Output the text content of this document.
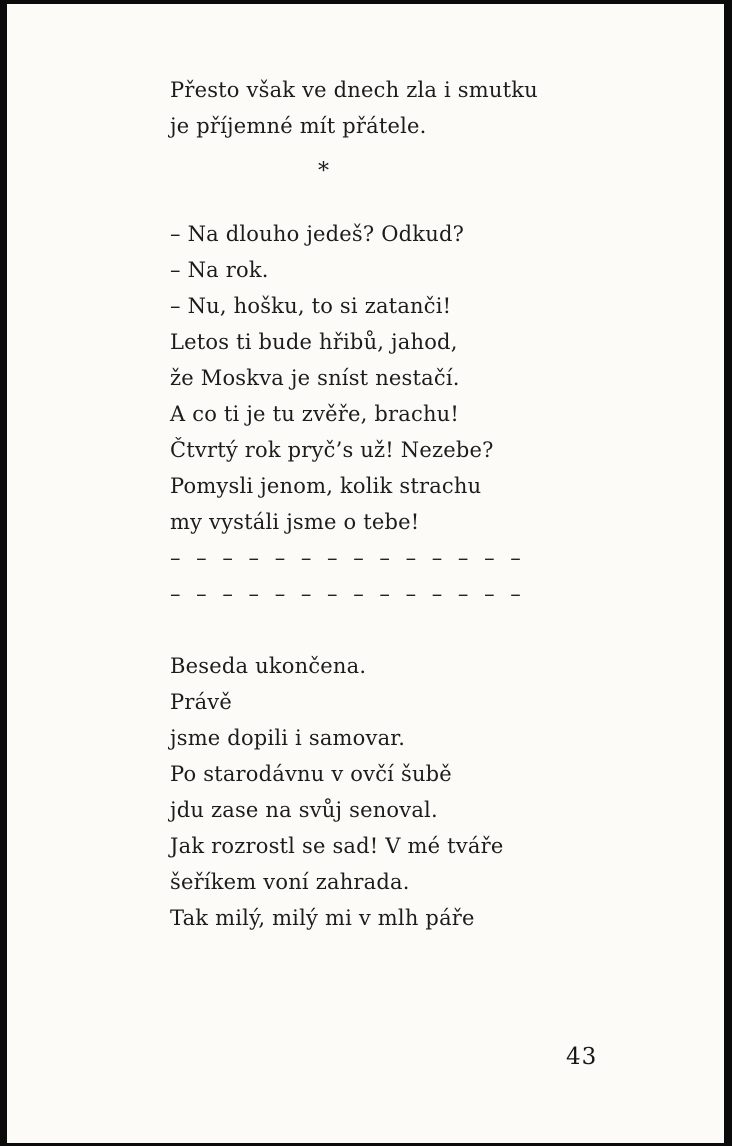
Přesto však ve dnech zla i smutku
je příjemné mít přátele.
*
– Na dlouho jedeš? Odkud?
– Na rok.
– Nu, hošku, to si zatanči!
Letos ti bude hřibů, jahod,
že Moskva je sníst nestačí.
A co ti je tu zvěře, brachu!
Čtvrtý rok pryč’s už! Nezebe?
Pomysli jenom, kolik strachu
my vystáli jsme o tebe!
– – – – – – – – – – – – – –
– – – – – – – – – – – – – –
Beseda ukončena.
Právě
jsme dopili i samovar.
Po starodávnu v ovčí šubě
jdu zase na svůj senoval.
Jak rozrostl se sad! V mé tváře
šeříkem voní zahrada.
Tak milý, milý mi v mlh páře
43
